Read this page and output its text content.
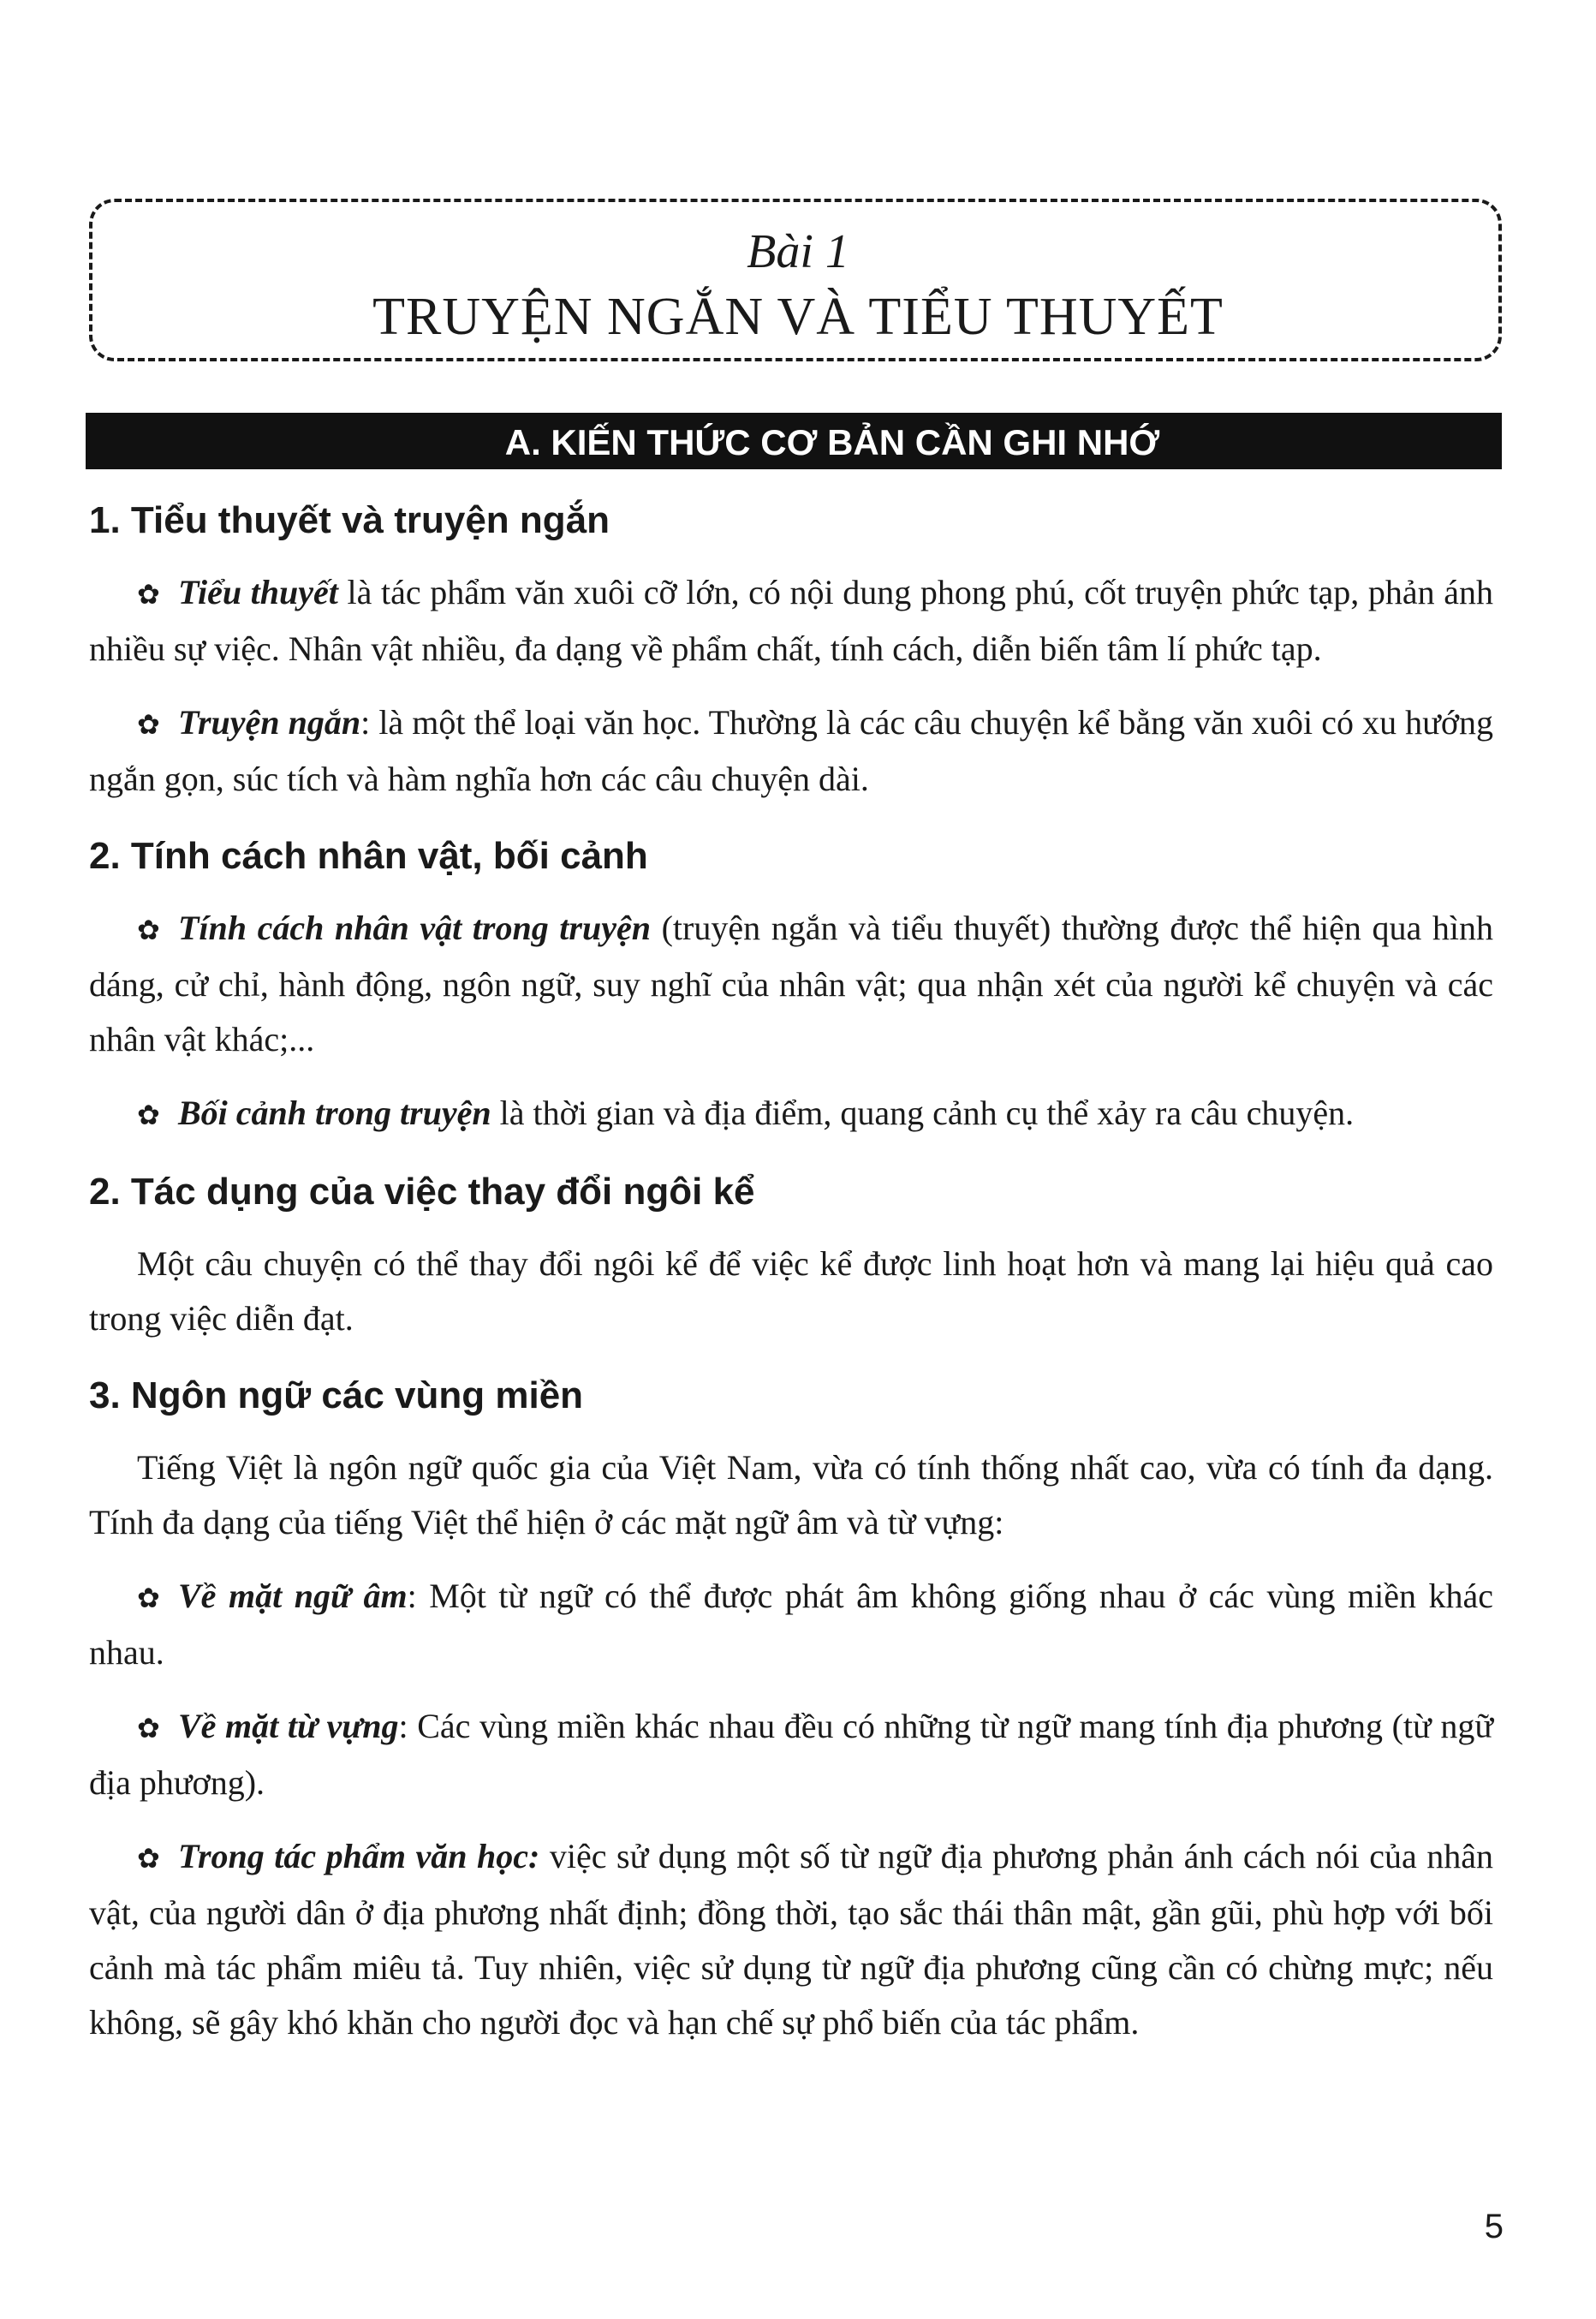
Bài 1
TRUYỆN NGẮN VÀ TIỂU THUYẾT
A. KIẾN THỨC CƠ BẢN CẦN GHI NHỚ
1. Tiểu thuyết và truyện ngắn

✿ Tiểu thuyết là tác phẩm văn xuôi cỡ lớn, có nội dung phong phú, cốt truyện phức tạp, phản ánh nhiều sự việc. Nhân vật nhiều, đa dạng về phẩm chất, tính cách, diễn biến tâm lí phức tạp.

✿ Truyện ngắn: là một thể loại văn học. Thường là các câu chuyện kể bằng văn xuôi có xu hướng ngắn gọn, súc tích và hàm nghĩa hơn các câu chuyện dài.

2. Tính cách nhân vật, bối cảnh

✿ Tính cách nhân vật trong truyện (truyện ngắn và tiểu thuyết) thường được thể hiện qua hình dáng, cử chỉ, hành động, ngôn ngữ, suy nghĩ của nhân vật; qua nhận xét của người kể chuyện và các nhân vật khác;...

✿ Bối cảnh trong truyện là thời gian và địa điểm, quang cảnh cụ thể xảy ra câu chuyện.

2. Tác dụng của việc thay đổi ngôi kể

Một câu chuyện có thể thay đổi ngôi kể để việc kể được linh hoạt hơn và mang lại hiệu quả cao trong việc diễn đạt.

3. Ngôn ngữ các vùng miền

Tiếng Việt là ngôn ngữ quốc gia của Việt Nam, vừa có tính thống nhất cao, vừa có tính đa dạng. Tính đa dạng của tiếng Việt thể hiện ở các mặt ngữ âm và từ vựng:

✿ Về mặt ngữ âm: Một từ ngữ có thể được phát âm không giống nhau ở các vùng miền khác nhau.

✿ Về mặt từ vựng: Các vùng miền khác nhau đều có những từ ngữ mang tính địa phương (từ ngữ địa phương).

✿ Trong tác phẩm văn học: việc sử dụng một số từ ngữ địa phương phản ánh cách nói của nhân vật, của người dân ở địa phương nhất định; đồng thời, tạo sắc thái thân mật, gần gũi, phù hợp với bối cảnh mà tác phẩm miêu tả. Tuy nhiên, việc sử dụng từ ngữ địa phương cũng cần có chừng mực; nếu không, sẽ gây khó khăn cho người đọc và hạn chế sự phổ biến của tác phẩm.

5
